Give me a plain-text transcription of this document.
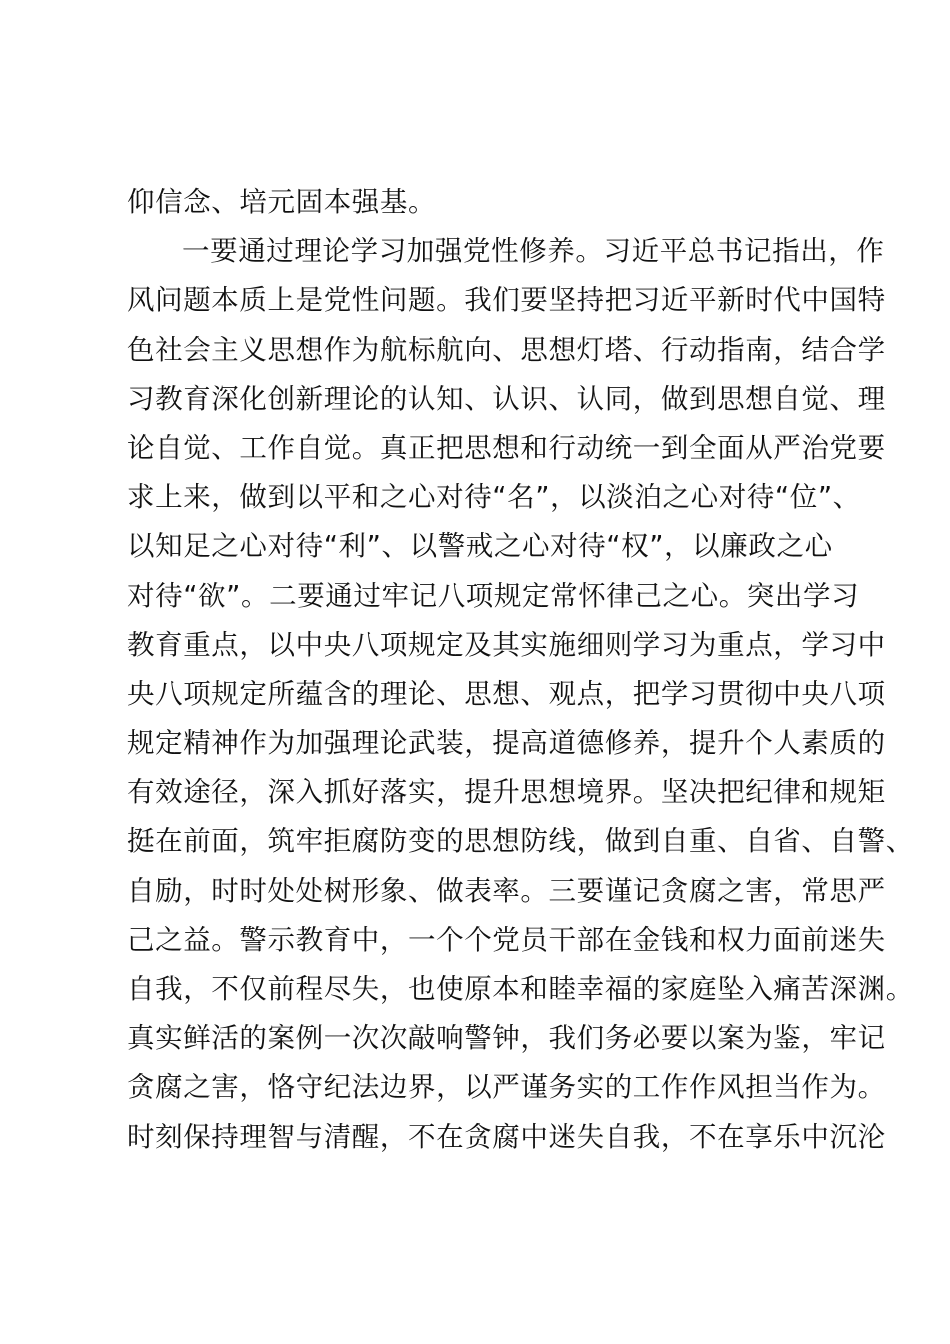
仰信念、培元固本强基。
一要通过理论学习加强党性修养。习近平总书记指出，作
风问题本质上是党性问题。我们要坚持把习近平新时代中国特
色社会主义思想作为航标航向、思想灯塔、行动指南，结合学
习教育深化创新理论的认知、认识、认同，做到思想自觉、理
论自觉、工作自觉。真正把思想和行动统一到全面从严治党要
求上来，做到以平和之心对待“名”，以淡泊之心对待“位”、
以知足之心对待“利”、以警戒之心对待“权”，以廉政之心
对待“欲”。二要通过牢记八项规定常怀律己之心。突出学习
教育重点，以中央八项规定及其实施细则学习为重点，学习中
央八项规定所蕴含的理论、思想、观点，把学习贯彻中央八项
规定精神作为加强理论武装，提高道德修养，提升个人素质的
有效途径，深入抓好落实，提升思想境界。坚决把纪律和规矩
挺在前面，筑牢拒腐防变的思想防线，做到自重、自省、自警、
自励，时时处处树形象、做表率。三要谨记贪腐之害，常思严
己之益。警示教育中，一个个党员干部在金钱和权力面前迷失
自我，不仅前程尽失，也使原本和睦幸福的家庭坠入痛苦深渊。
真实鲜活的案例一次次敲响警钟，我们务必要以案为鉴，牢记
贪腐之害，恪守纪法边界，以严谨务实的工作作风担当作为。
时刻保持理智与清醒，不在贪腐中迷失自我，不在享乐中沉沦
